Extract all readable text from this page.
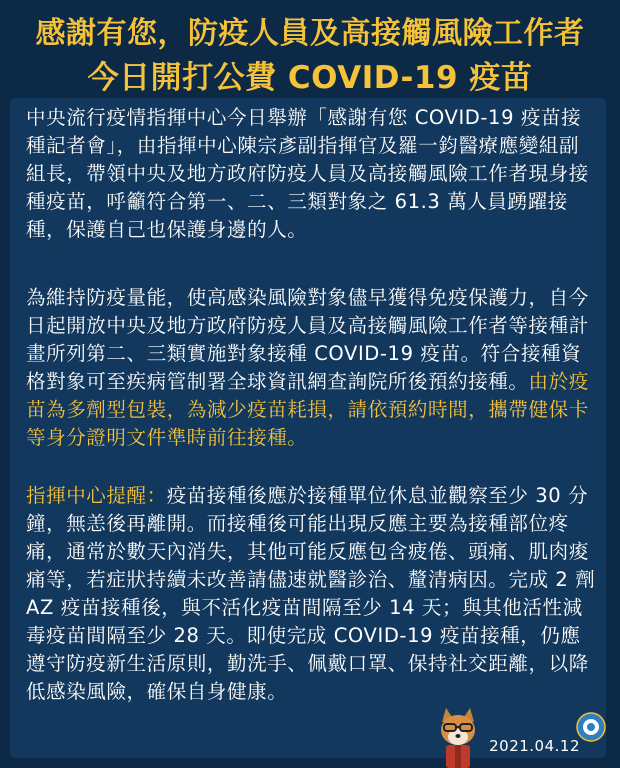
感謝有您，防疫人員及高接觸風險工作者
今日開打公費 COVID-19 疫苗

中央流行疫情指揮中心今日舉辦「感謝有您 COVID-19 疫苗接種記者會」，由指揮中心陳宗彥副指揮官及羅一鈞醫療應變組副組長，帶領中央及地方政府防疫人員及高接觸風險工作者現身接種疫苗，呼籲符合第一、二、三類對象之 61.3 萬人員踴躍接種，保護自己也保護身邊的人。

為維持防疫量能，使高感染風險對象儘早獲得免疫保護力，自今日起開放中央及地方政府防疫人員及高接觸風險工作者等接種計畫所列第二、三類實施對象接種 COVID-19 疫苗。符合接種資格對象可至疾病管制署全球資訊網查詢院所後預約接種。由於疫苗為多劑型包裝，為減少疫苗耗損，請依預約時間，攜帶健保卡等身分證明文件準時前往接種。

指揮中心提醒：疫苗接種後應於接種單位休息並觀察至少 30 分鐘，無恙後再離開。而接種後可能出現反應主要為接種部位疼痛，通常於數天內消失，其他可能反應包含疲倦、頭痛、肌肉痠痛等，若症狀持續未改善請儘速就醫診治、釐清病因。完成 2 劑 AZ 疫苗接種後，與不活化疫苗間隔至少 14 天；與其他活性減毒疫苗間隔至少 28 天。即使完成 COVID-19 疫苗接種，仍應遵守防疫新生活原則，勤洗手、佩戴口罩、保持社交距離，以降低感染風險，確保自身健康。

2021.04.12
